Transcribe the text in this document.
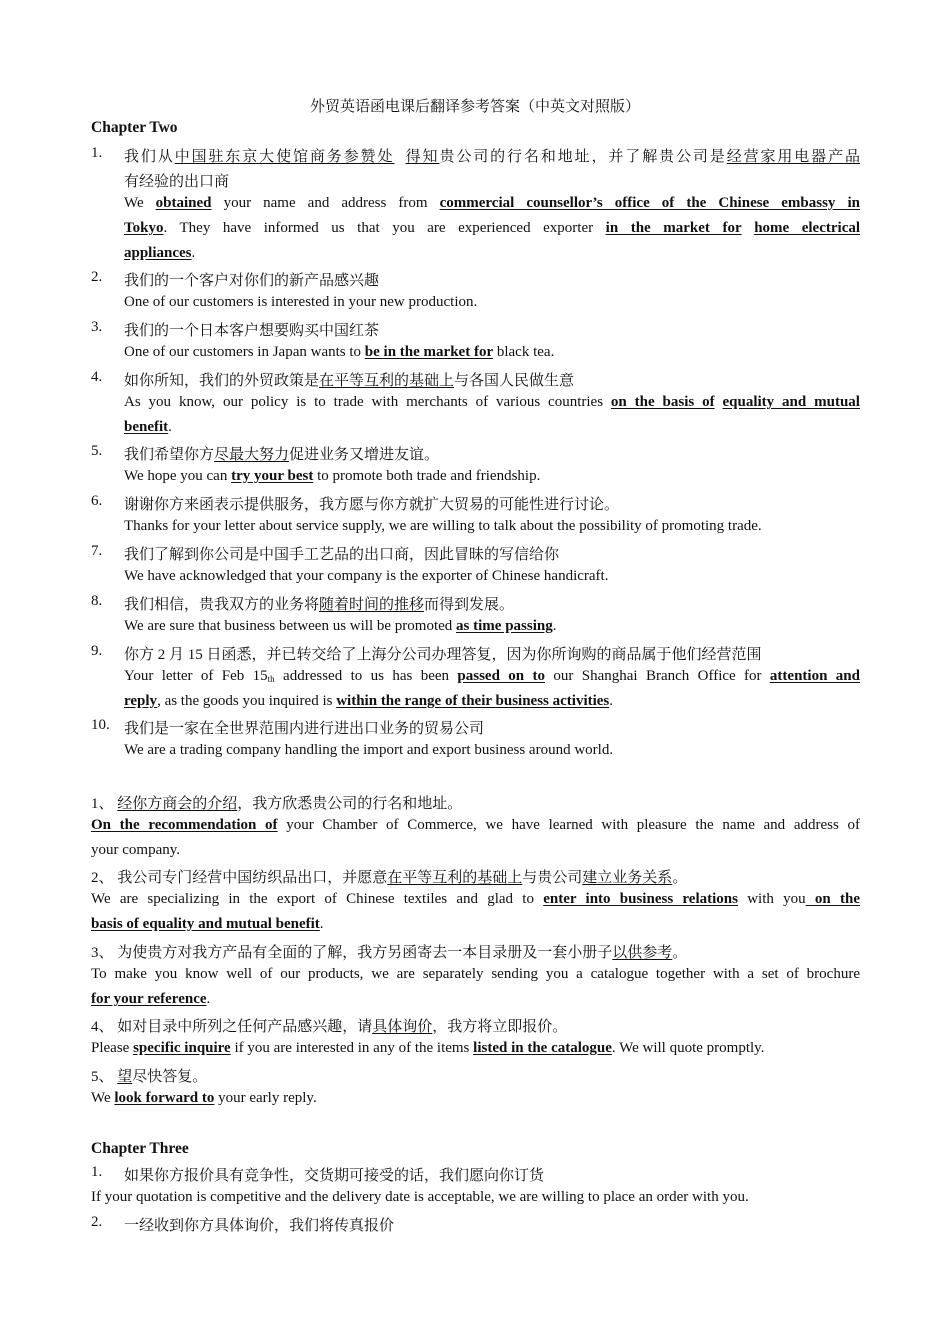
外贸英语函电课后翻译参考答案（中英文对照版）
Chapter Two
1. 我们从中国驻东京大使馆商务参赞处 得知贵公司的行名和地址，并了解贵公司是经营家用电器产品
有经验的出口商
We obtained your name and address from commercial counsellor’s office of the Chinese embassy in
Tokyo. They have informed us that you are experienced exporter in the market for home electrical
appliances.
2. 我们的一个客户对你们的新产品感兴趣
One of our customers is interested in your new production.
3. 我们的一个日本客户想要购买中国红茶
One of our customers in Japan wants to be in the market for black tea.
4. 如你所知，我们的外贸政策是在平等互利的基础上与各国人民做生意
As you know, our policy is to trade with merchants of various countries on the basis of equality and mutual
benefit.
5. 我们希望你方尽最大努力促进业务又增进友谊。
We hope you can try your best to promote both trade and friendship.
6. 谢谢你方来函表示提供服务，我方愿与你方就扩大贸易的可能性进行讨论。
Thanks for your letter about service supply, we are willing to talk about the possibility of promoting trade.
7. 我们了解到你公司是中国手工艺品的出口商，因此冒昧的写信给你
We have acknowledged that your company is the exporter of Chinese handicraft.
8. 我们相信，贵我双方的业务将随着时间的推移而得到发展。
We are sure that business between us will be promoted as time passing.
9. 你方 2 月 15 日函悉，并已转交给了上海分公司办理答复，因为你所询购的商品属于他们经营范围
Your letter of Feb $15_{th}$ addressed to us has been passed on to our Shanghai Branch Office for attention and
reply, as the goods you inquired is within the range of their business activities.
10. 我们是一家在全世界范围内进行进出口业务的贸易公司
We are a trading company handling the import and export business around world.
1、 经你方商会的介绍，我方欣悉贵公司的行名和地址。
On the recommendation of your Chamber of Commerce, we have learned with pleasure the name and address of
your company.
2、 我公司专门经营中国纺织品出口，并愿意在平等互利的基础上与贵公司建立业务关系。
We are specializing in the export of Chinese textiles and glad to enter into business relations with you on the
basis of equality and mutual benefit.
3、 为使贵方对我方产品有全面的了解，我方另函寄去一本目录册及一套小册子以供参考。
To make you know well of our products, we are separately sending you a catalogue together with a set of brochure
for your reference.
4、 如对目录中所列之任何产品感兴趣，请具体询价，我方将立即报价。
Please specific inquire if you are interested in any of the items listed in the catalogue. We will quote promptly.
5、 望尽快答复。
We look forward to your early reply.
Chapter Three
1. 如果你方报价具有竞争性，交货期可接受的话，我们愿向你订货
If your quotation is competitive and the delivery date is acceptable, we are willing to place an order with you.
2. 一经收到你方具体询价，我们将传真报价
